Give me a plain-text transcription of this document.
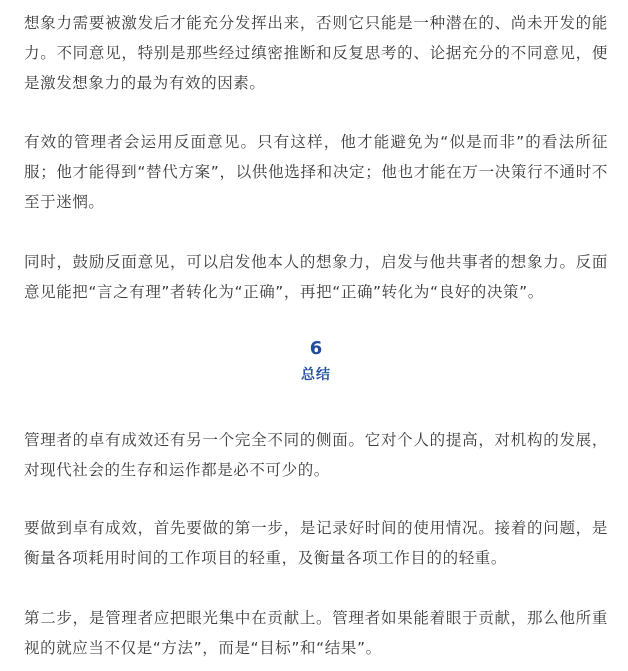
想象力需要被激发后才能充分发挥出来，否则它只能是一种潜在的、尚未开发的能力。不同意见，特别是那些经过缜密推断和反复思考的、论据充分的不同意见，便是激发想象力的最为有效的因素。

有效的管理者会运用反面意见。只有这样，他才能避免为“似是而非”的看法所征服；他才能得到“替代方案”，以供他选择和决定；他也才能在万一决策行不通时不至于迷惘。

同时，鼓励反面意见，可以启发他本人的想象力，启发与他共事者的想象力。反面意见能把“言之有理”者转化为“正确”，再把“正确”转化为“良好的决策”。

6
总结

管理者的卓有成效还有另一个完全不同的侧面。它对个人的提高，对机构的发展，对现代社会的生存和运作都是必不可少的。

要做到卓有成效，首先要做的第一步，是记录好时间的使用情况。接着的问题，是衡量各项耗用时间的工作项目的轻重，及衡量各项工作目的的轻重。

第二步，是管理者应把眼光集中在贡献上。管理者如果能着眼于贡献，那么他所重视的就应当不仅是“方法”，而是“目标”和“结果”。
